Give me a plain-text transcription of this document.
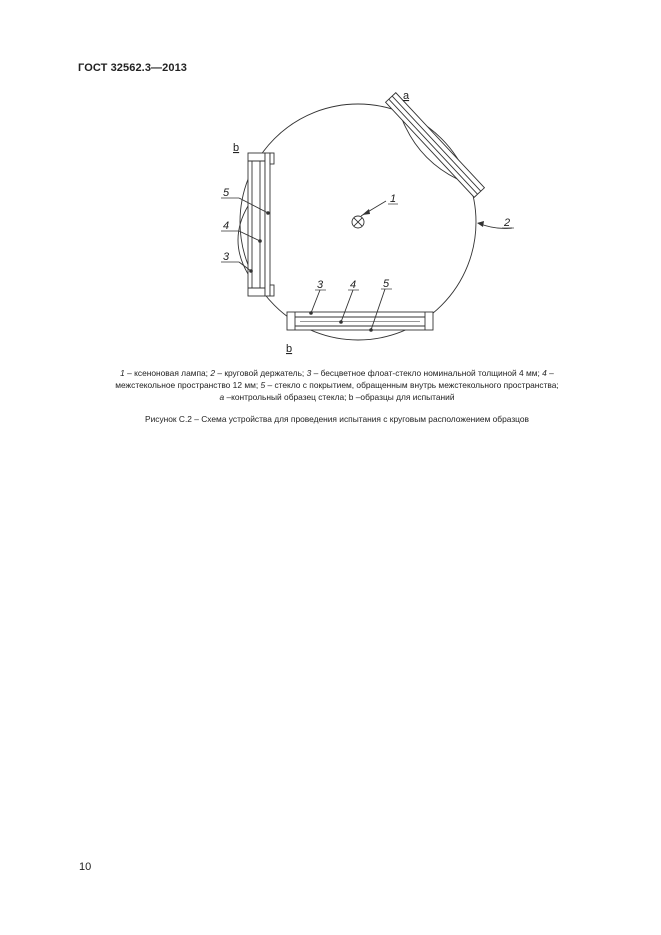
ГОСТ 32562.3—2013
1
2
a
b
5
4
3
3 4 5
b
1 – ксеноновая лампа; 2 – круговой держатель; 3 – бесцветное флоат-стекло номинальной толщиной 4 мм; 4 –
межстекольное пространство 12 мм; 5 – стекло с покрытием, обращенным внутрь межстекольного пространства;
a –контрольный образец стекла; b –образцы для испытаний
Рисунок С.2 – Схема устройства для проведения испытания с круговым расположением образцов
10
